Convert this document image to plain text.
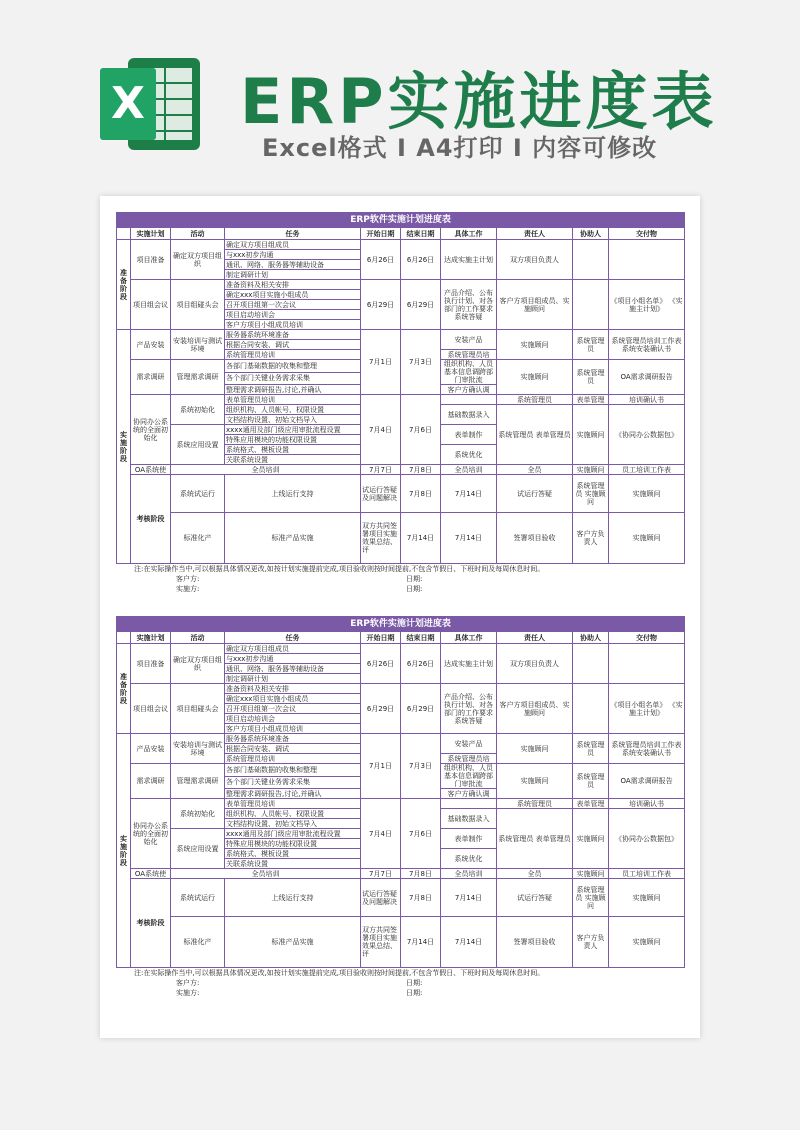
X ERP实施进度表
Excel格式 I A4打印 I 内容可修改
ERP软件实施计划进度表										
	实施计划	活动	任务	开始日期	结束日期	具体工作	责任人	协助人	交付物	
准备阶段	项目准备	确定双方项目组织	确定双方项目组成员	6月26日	6月26日	达成实施主计划	双方项目负责人			
			与xxx初步沟通							
			通讯、网络、服务器等辅助设备							
			制定调研计划							
	项目组会议	项目组碰头会	准备资料及相关安排	6月29日	6月29日	产品介绍、公布执行计划、对各部门的工作要求 系统答疑	客户方项目组成员、实施顾问		《项目小组名单》 《实施主计划》	
			确定xxx项目实施小组成员							
			召开项目组第一次会议							
			项目启动培训会							
			客户方项目小组成员培训							
实施阶段	产品安装	安装培训与测试环境	服务器系统环境准备	7月1日	7月3日	安装产品	实施顾问	系统管理员	系统管理员培训工作表 系统安装确认书	
			根据合同安装、调试							
			系统管理员培训			系统管理员培				
	需求调研	管理需求调研	各部门基础数据的收集和整理			组织机构、人员基本信息调跨部门审批流	实施顾问	系统管理员	OA需求调研报告	
			各个部门关键业务需求采集							
			整理需求调研报告,讨论,并确认			客户方确认调				
	协同办公系统的全面初始化	系统初始化	表单管理员培训	7月4日	7月6日		系统管理员	表单管理	培训确认书	
			组织机构、人员帐号、权限设置			基础数据录入	系统管理员 表单管理员	实施顾问	《协同办公数据包》	
			文档结构设置、初始文档导入							
		系统应用设置	xxxx通用及部门级应用审批流程设置			表单制作				
			特殊应用模块的功能权限设置							
			系统格式、模板设置			系统优化				
			关联系统设置							
	OA系统使	全员培训		7月7日	7月8日	全员培训	全员	实施顾问	员工培训工作表	
	考核阶段	系统试运行	上线运行支持	试运行答疑及问题解决	7月8日	7月14日	试运行答疑	系统管理员 实施顾问	实施顾问	
		标准化产	标准产品实施	双方共同签署项目实施效果总结、评	7月14日	7月14日	签署项目验收	客户方负责人	实施顾问	
注:在实际操作当中,可以根据具体情况更改,如按计划实施提前完成,项目验收则按时间提前,不包含节假日、下班时间及每周休息时间。
客户方:
实施方:
日期:
日期:
ERP软件实施计划进度表										
	实施计划	活动	任务	开始日期	结束日期	具体工作	责任人	协助人	交付物	
准备阶段	项目准备	确定双方项目组织	确定双方项目组成员	6月26日	6月26日	达成实施主计划	双方项目负责人			
			与xxx初步沟通							
			通讯、网络、服务器等辅助设备							
			制定调研计划							
	项目组会议	项目组碰头会	准备资料及相关安排	6月29日	6月29日	产品介绍、公布执行计划、对各部门的工作要求 系统答疑	客户方项目组成员、实施顾问		《项目小组名单》 《实施主计划》	
			确定xxx项目实施小组成员							
			召开项目组第一次会议							
			项目启动培训会							
			客户方项目小组成员培训							
实施阶段	产品安装	安装培训与测试环境	服务器系统环境准备	7月1日	7月3日	安装产品	实施顾问	系统管理员	系统管理员培训工作表 系统安装确认书	
			根据合同安装、调试							
			系统管理员培训			系统管理员培				
	需求调研	管理需求调研	各部门基础数据的收集和整理			组织机构、人员基本信息调跨部门审批流	实施顾问	系统管理员	OA需求调研报告	
			各个部门关键业务需求采集							
			整理需求调研报告,讨论,并确认			客户方确认调				
	协同办公系统的全面初始化	系统初始化	表单管理员培训	7月4日	7月6日		系统管理员	表单管理	培训确认书	
			组织机构、人员帐号、权限设置			基础数据录入	系统管理员 表单管理员	实施顾问	《协同办公数据包》	
			文档结构设置、初始文档导入							
		系统应用设置	xxxx通用及部门级应用审批流程设置			表单制作				
			特殊应用模块的功能权限设置							
			系统格式、模板设置			系统优化				
			关联系统设置							
	OA系统使	全员培训		7月7日	7月8日	全员培训	全员	实施顾问	员工培训工作表	
	考核阶段	系统试运行	上线运行支持	试运行答疑及问题解决	7月8日	7月14日	试运行答疑	系统管理员 实施顾问	实施顾问	
		标准化产	标准产品实施	双方共同签署项目实施效果总结、评	7月14日	7月14日	签署项目验收	客户方负责人	实施顾问	
注:在实际操作当中,可以根据具体情况更改,如按计划实施提前完成,项目验收则按时间提前,不包含节假日、下班时间及每周休息时间。
客户方:
实施方:
日期:
日期:
